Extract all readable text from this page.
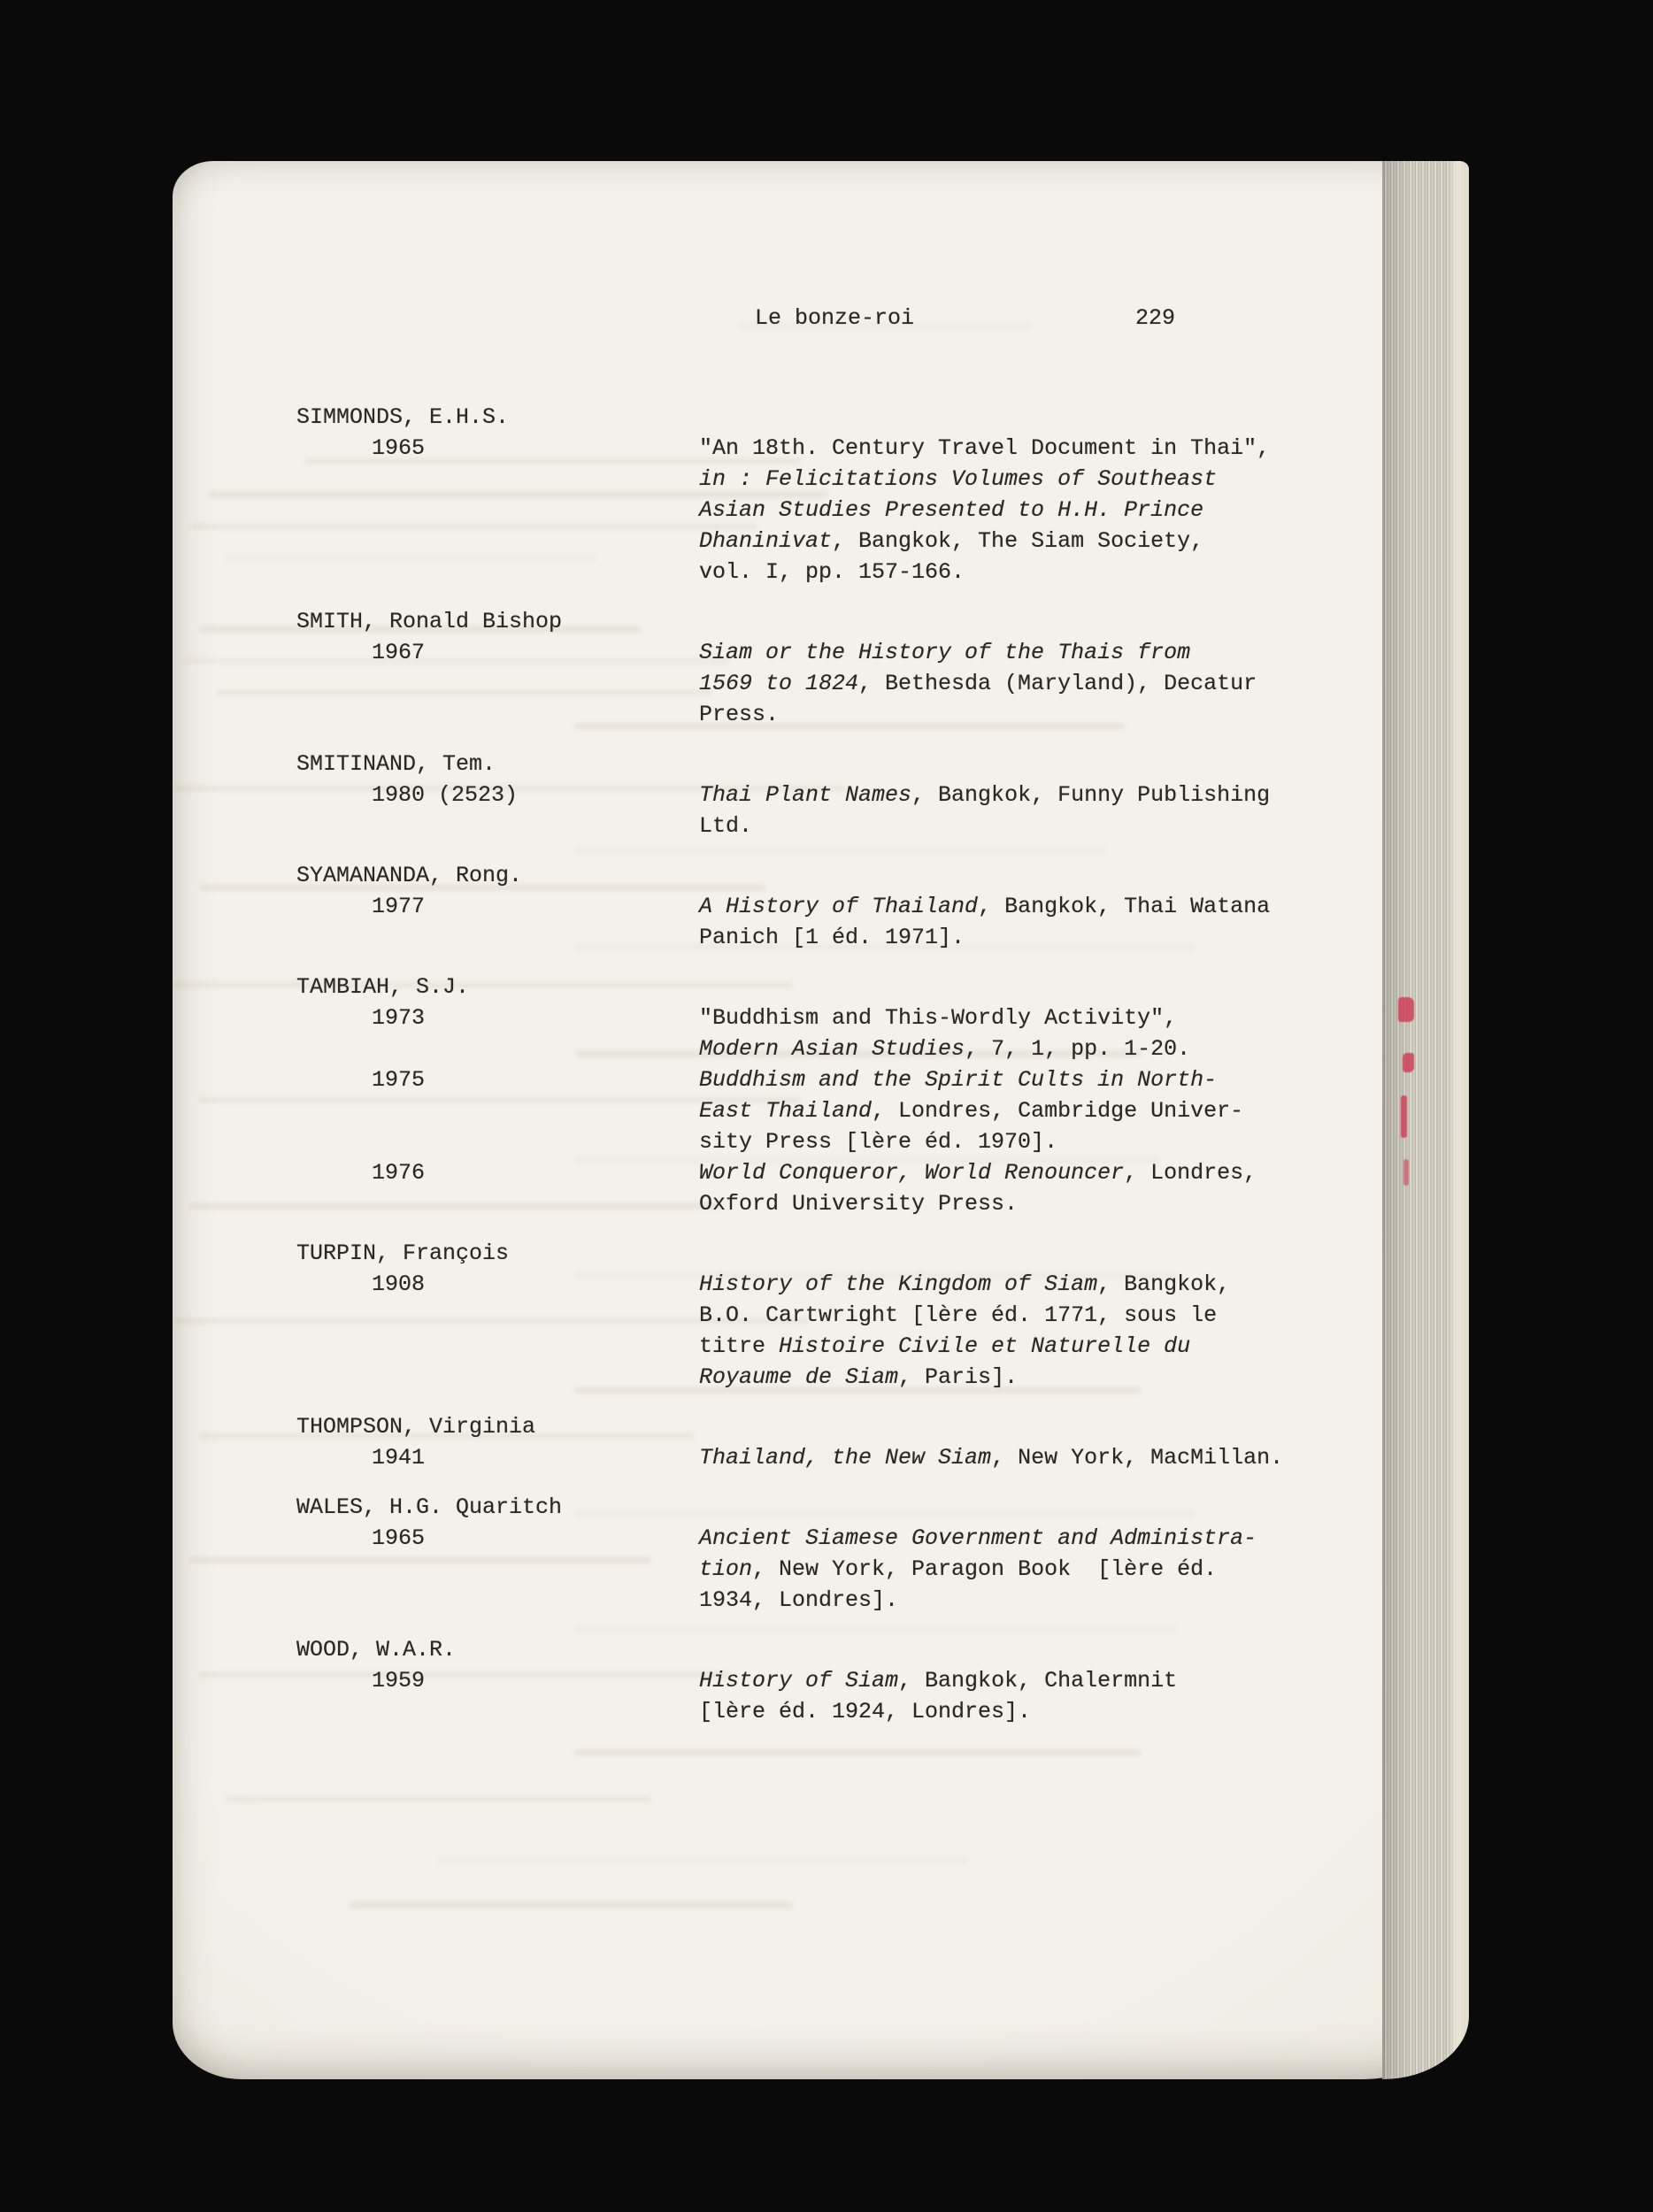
Le bonze-roi	229
SIMMONDS, E.H.S.
1965	"An 18th. Century Travel Document in Thai",
in : Felicitations Volumes of Southeast
Asian Studies Presented to H.H. Prince
Dhaninivat, Bangkok, The Siam Society,
vol. I, pp. 157-166.
SMITH, Ronald Bishop
1967	Siam or the History of the Thais from
1569 to 1824, Bethesda (Maryland), Decatur
Press.
SMITINAND, Tem.
1980 (2523)	Thai Plant Names, Bangkok, Funny Publishing
Ltd.
SYAMANANDA, Rong.
1977	A History of Thailand, Bangkok, Thai Watana
Panich [1 éd. 1971].
TAMBIAH, S.J.
1973	"Buddhism and This-Wordly Activity",
Modern Asian Studies, 7, 1, pp. 1-20.
1975	Buddhism and the Spirit Cults in North-
East Thailand, Londres, Cambridge Univer-
sity Press [lère éd. 1970].
1976	World Conqueror, World Renouncer, Londres,
Oxford University Press.
TURPIN, François
1908	History of the Kingdom of Siam, Bangkok,
B.O. Cartwright [lère éd. 1771, sous le
titre Histoire Civile et Naturelle du
Royaume de Siam, Paris].
THOMPSON, Virginia
1941	Thailand, the New Siam, New York, MacMillan.
WALES, H.G. Quaritch
1965	Ancient Siamese Government and Administra-
tion, New York, Paragon Book  [lère éd.
1934, Londres].
WOOD, W.A.R.
1959	History of Siam, Bangkok, Chalermnit
[lère éd. 1924, Londres].
